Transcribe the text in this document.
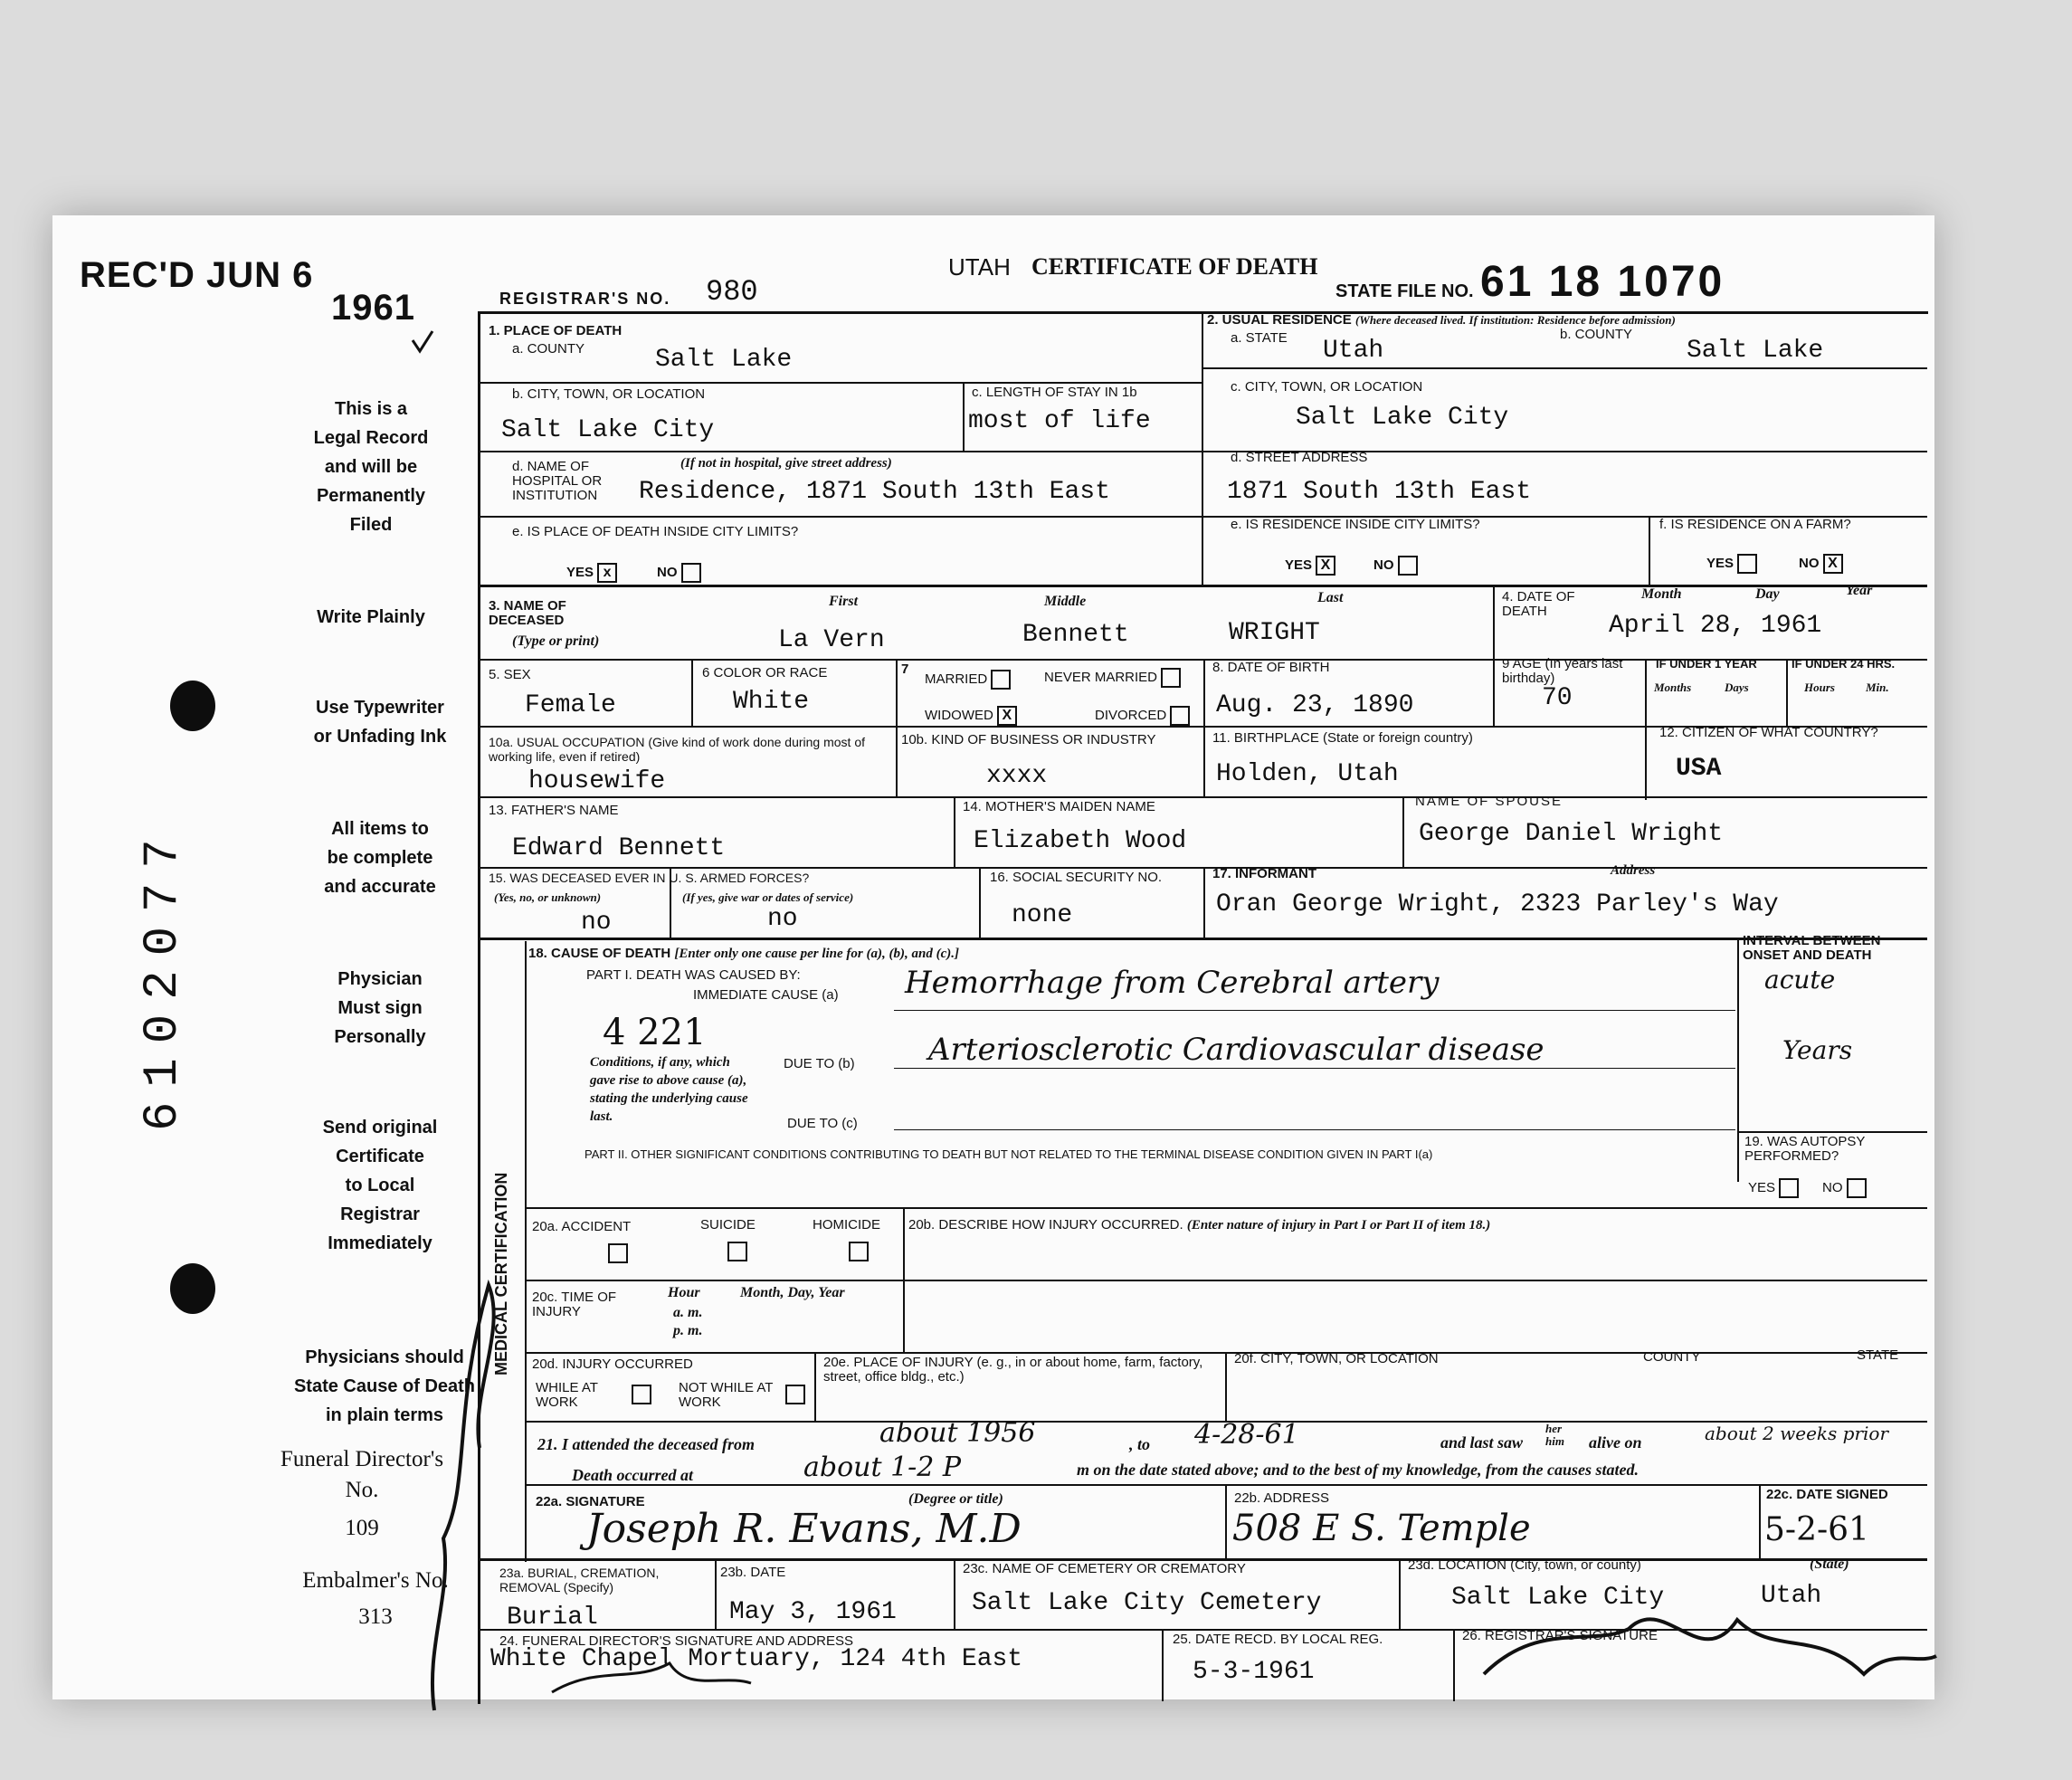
REC'D JUN 6
1961
This is a
Legal Record
and will be
Permanently
Filed
Write Plainly
Use Typewriter
or Unfading Ink
All items to
be complete
and accurate
Physician
Must sign
Personally
Send original
Certificate
to Local
Registrar
Immediately
Physicians should
State Cause of Death
in plain terms
Funeral Director's No.
109
Embalmer's No.
313
6102077
REGISTRAR'S NO. 980
UTAH CERTIFICATE OF DEATH
STATE FILE NO. 61 18 1070
1. PLACE OF DEATH
a. COUNTY	Salt Lake
2. USUAL RESIDENCE (Where deceased lived. If institution: Residence before admission)
a. STATE Utah
b. COUNTY
Salt Lake
b. CITY, TOWN, OR LOCATION
Salt Lake City
c. LENGTH OF STAY IN 1b
most of life
c. CITY, TOWN, OR LOCATION
Salt Lake City
d. NAME OF HOSPITAL OR INSTITUTION
(If not in hospital, give street address)
Residence, 1871 South 13th East
d. STREET ADDRESS
1871 South 13th East
e. IS PLACE OF DEATH INSIDE CITY LIMITS?
YES x	NO
e. IS RESIDENCE INSIDE CITY LIMITS?
YES X	NO
f. IS RESIDENCE ON A FARM?
YES	NO X
3. NAME OF DECEASED
(Type or print)
First	Middle	Last
La Vern	Bennett	WRIGHT
4. DATE OF DEATH
Month	Day	Year
April 28, 1961
5. SEX
Female
6 COLOR OR RACE
White
7
MARRIED	NEVER MARRIED
WIDOWED X	DIVORCED
8. DATE OF BIRTH
Aug. 23, 1890
9 AGE (In years last birthday)
70
IF UNDER 1 YEAR	IF UNDER 24 HRS.
Months	Days	Hours	Min.
10a. USUAL OCCUPATION (Give kind of work done during most of working life, even if retired)
housewife
10b. KIND OF BUSINESS OR INDUSTRY
xxxx
11. BIRTHPLACE (State or foreign country)
Holden, Utah
12. CITIZEN OF WHAT COUNTRY?
USA
13. FATHER'S NAME
Edward Bennett
14. MOTHER'S MAIDEN NAME
Elizabeth Wood
NAME OF SPOUSE
George Daniel Wright
15. WAS DECEASED EVER IN U. S. ARMED FORCES?
(Yes, no, or unknown)	(If yes, give war or dates of service)
no	no
16. SOCIAL SECURITY NO.
none
17. INFORMANT	Address
Oran George Wright, 2323 Parley's Way
MEDICAL CERTIFICATION
18. CAUSE OF DEATH [Enter only one cause per line for (a), (b), and (c).]
PART I. DEATH WAS CAUSED BY:
IMMEDIATE CAUSE (a) Hemorrhage from Cerebral artery
INTERVAL BETWEEN ONSET AND DEATH
acute
4 221
Conditions, if any, which gave rise to above cause (a), stating the underlying cause last.
DUE TO (b) Arteriosclerotic Cardiovascular disease	Years
DUE TO (c)
PART II. OTHER SIGNIFICANT CONDITIONS CONTRIBUTING TO DEATH BUT NOT RELATED TO THE TERMINAL DISEASE CONDITION GIVEN IN PART I(a)
19. WAS AUTOPSY PERFORMED?
YES	NO
20a. ACCIDENT	SUICIDE	HOMICIDE 20b. DESCRIBE HOW INJURY OCCURRED. (Enter nature of injury in Part I or Part II of item 18.)
20c. TIME OF INJURY
Hour
a. m.
p. m.
Month, Day, Year
20d. INJURY OCCURRED
WHILE AT WORK
NOT WHILE AT WORK
20e. PLACE OF INJURY (e. g., in or about home, farm, factory, street, office bldg., etc.)
20f. CITY, TOWN, OR LOCATION	COUNTY	STATE
21. I attended the deceased from	about 1956	, to 4-28-61	and last saw
her him	alive on	about 2 weeks prior
Death occurred at	about 1-2 P	m on the date stated above; and to the best of my knowledge, from the causes stated.
22a. SIGNATURE	(Degree or title)
Joseph R. Evans, M.D
22b. ADDRESS
508 E S. Temple
22c. DATE SIGNED
5-2-61
23a. BURIAL, CREMATION, REMOVAL (Specify)
Burial
23b. DATE
May 3, 1961
23c. NAME OF CEMETERY OR CREMATORY
Salt Lake City Cemetery
23d. LOCATION (City, town, or county)	(State)
Salt Lake City	Utah
24. FUNERAL DIRECTOR'S SIGNATURE AND ADDRESS
White Chapel Mortuary, 124 4th East
25. DATE RECD. BY LOCAL REG.
5-3-1961
26. REGISTRAR'S SIGNATURE
